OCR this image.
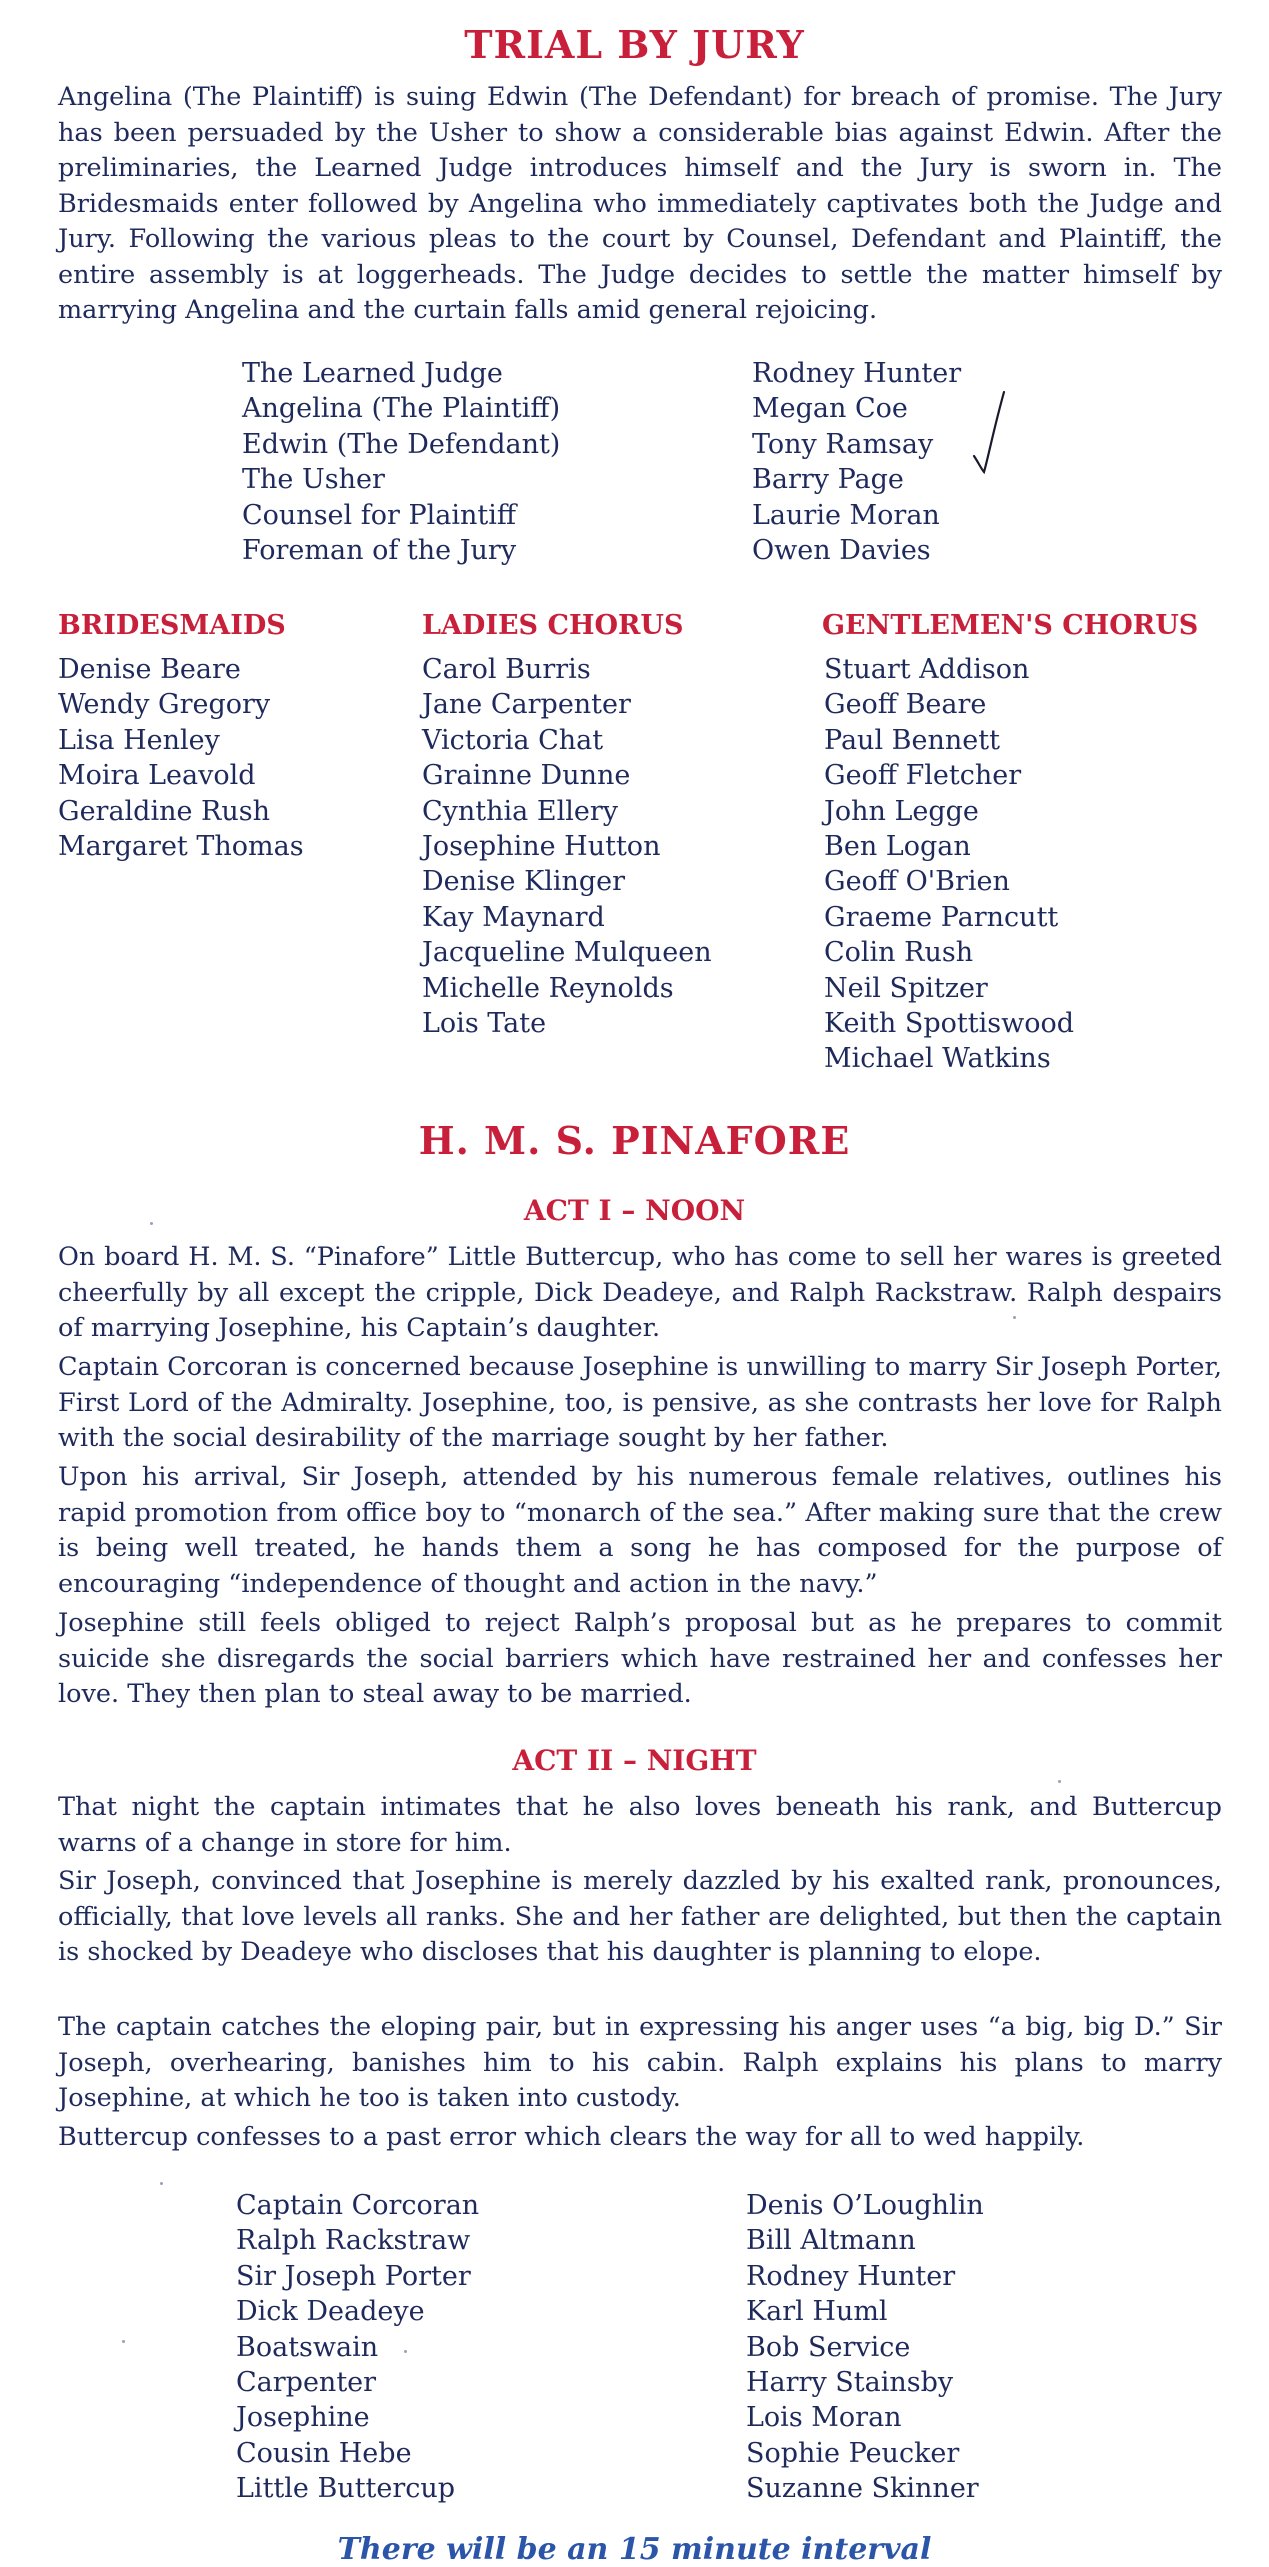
TRIAL BY JURY

Angelina (The Plaintiff) is suing Edwin (The Defendant) for breach of promise. The Jury has been persuaded by the Usher to show a considerable bias against Edwin. After the preliminaries, the Learned Judge introduces himself and the Jury is sworn in. The Bridesmaids enter followed by Angelina who immediately captivates both the Judge and Jury. Following the various pleas to the court by Counsel, Defendant and Plaintiff, the entire assembly is at loggerheads. The Judge decides to settle the matter himself by marrying Angelina and the curtain falls amid general rejoicing.

The Learned Judge
Angelina (The Plaintiff)
Edwin (The Defendant)
The Usher
Counsel for Plaintiff
Foreman of the Jury
Rodney Hunter
Megan Coe
Tony Ramsay
Barry Page
Laurie Moran
Owen Davies
BRIDESMAIDS
Denise Beare
Wendy Gregory
Lisa Henley
Moira Leavold
Geraldine Rush
Margaret Thomas
LADIES CHORUS
Carol Burris
Jane Carpenter
Victoria Chat
Grainne Dunne
Cynthia Ellery
Josephine Hutton
Denise Klinger
Kay Maynard
Jacqueline Mulqueen
Michelle Reynolds
Lois Tate
GENTLEMEN'S CHORUS
Stuart Addison
Geoff Beare
Paul Bennett
Geoff Fletcher
John Legge
Ben Logan
Geoff O'Brien
Graeme Parncutt
Colin Rush
Neil Spitzer
Keith Spottiswood
Michael Watkins
H. M. S. PINAFORE
ACT I – NOON

On board H. M. S. “Pinafore” Little Buttercup, who has come to sell her wares is greeted cheerfully by all except the cripple, Dick Deadeye, and Ralph Rackstraw. Ralph despairs of marrying Josephine, his Captain’s daughter.

Captain Corcoran is concerned because Josephine is unwilling to marry Sir Joseph Porter, First Lord of the Admiralty. Josephine, too, is pensive, as she contrasts her love for Ralph with the social desirability of the marriage sought by her father.

Upon his arrival, Sir Joseph, attended by his numerous female relatives, outlines his rapid promotion from office boy to “monarch of the sea.” After making sure that the crew is being well treated, he hands them a song he has composed for the purpose of encouraging “independence of thought and action in the navy.”

Josephine still feels obliged to reject Ralph’s proposal but as he prepares to commit suicide she disregards the social barriers which have restrained her and confesses her love. They then plan to steal away to be married.

ACT II – NIGHT

That night the captain intimates that he also loves beneath his rank, and Buttercup warns of a change in store for him.

Sir Joseph, convinced that Josephine is merely dazzled by his exalted rank, pronounces, officially, that love levels all ranks. She and her father are delighted, but then the captain is shocked by Deadeye who discloses that his daughter is planning to elope.

The captain catches the eloping pair, but in expressing his anger uses “a big, big D.” Sir Joseph, overhearing, banishes him to his cabin. Ralph explains his plans to marry Josephine, at which he too is taken into custody.

Buttercup confesses to a past error which clears the way for all to wed happily.

Captain Corcoran
Ralph Rackstraw
Sir Joseph Porter
Dick Deadeye
Boatswain
Carpenter
Josephine
Cousin Hebe
Little Buttercup
Denis O’Loughlin
Bill Altmann
Rodney Hunter
Karl Huml
Bob Service
Harry Stainsby
Lois Moran
Sophie Peucker
Suzanne Skinner
There will be an 15 minute interval
